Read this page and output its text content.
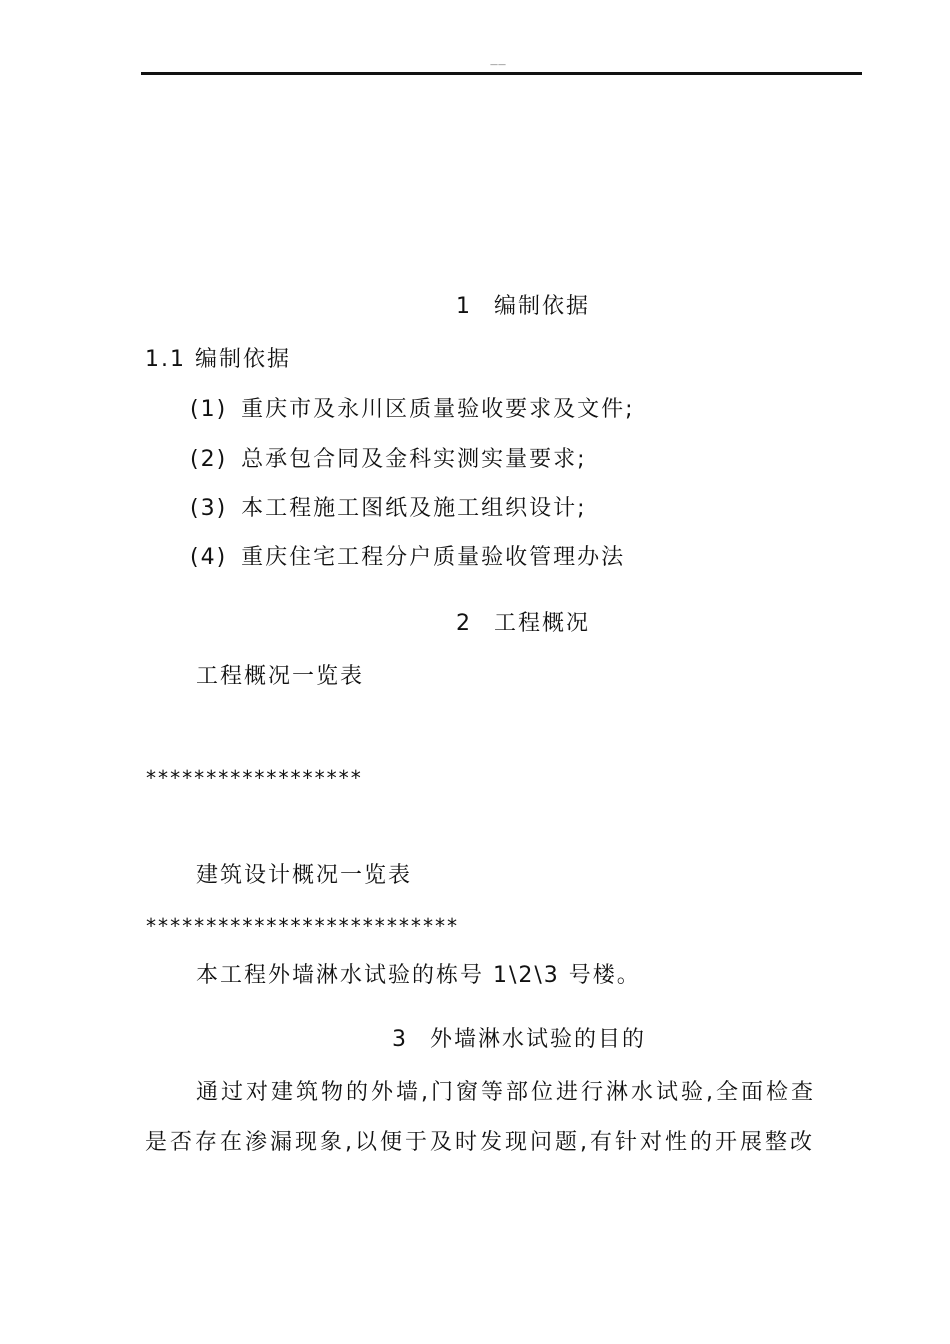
——
1 编制依据
1.1 编制依据
(1) 重庆市及永川区质量验收要求及文件;
(2) 总承包合同及金科实测实量要求;
(3) 本工程施工图纸及施工组织设计;
(4) 重庆住宅工程分户质量验收管理办法
2 工程概况
工程概况一览表
******************
建筑设计概况一览表
**************************
本工程外墙淋水试验的栋号 1\2\3 号楼。
3 外墙淋水试验的目的
通过对建筑物的外墙,门窗等部位进行淋水试验,全面检查
是否存在渗漏现象,以便于及时发现问题,有针对性的开展整改
